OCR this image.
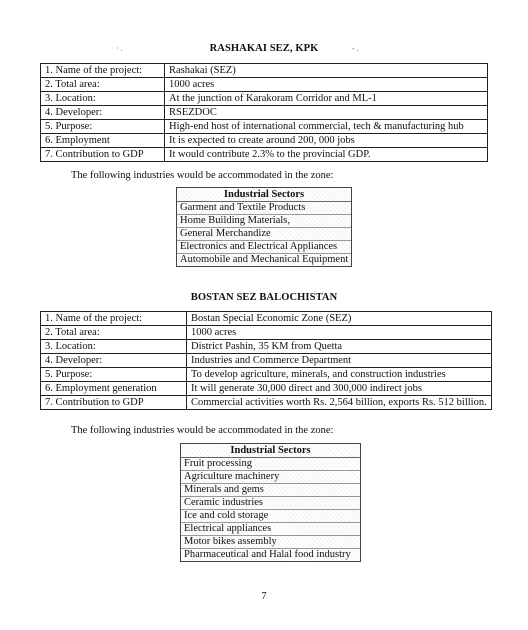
· .	- .
RASHAKAI SEZ, KPK
1. Name of the project:	Rashakai (SEZ)
2. Total area:	1000 acres
3. Location:	At the junction of Karakoram Corridor and ML-1
4. Developer:	RSEZDOC
5. Purpose:	High-end host of international commercial, tech & manufacturing hub
6. Employment	It is expected to create around 200, 000 jobs
7. Contribution to GDP	It would contribute 2.3% to the provincial GDP.
The following industries would be accommodated in the zone:
Industrial Sectors
Garment and Textile Products
Home Building Materials,
General Merchandize
Electronics and Electrical Appliances
Automobile and Mechanical Equipment
BOSTAN SEZ BALOCHISTAN
1. Name of the project:	Bostan Special Economic Zone (SEZ)
2. Total area:	1000 acres
3. Location:	District Pashin, 35 KM from Quetta
4. Developer:	Industries and Commerce Department
5. Purpose:	To develop agriculture, minerals, and construction industries
6. Employment generation	It will generate 30,000 direct and 300,000 indirect jobs
7. Contribution to GDP	Commercial activities worth Rs. 2,564 billion, exports Rs. 512 billion.
The following industries would be accommodated in the zone:
Industrial Sectors
Fruit processing
Agriculture machinery
Minerals and gems
Ceramic industries
Ice and cold storage
Electrical appliances
Motor bikes assembly
Pharmaceutical and Halal food industry
7
